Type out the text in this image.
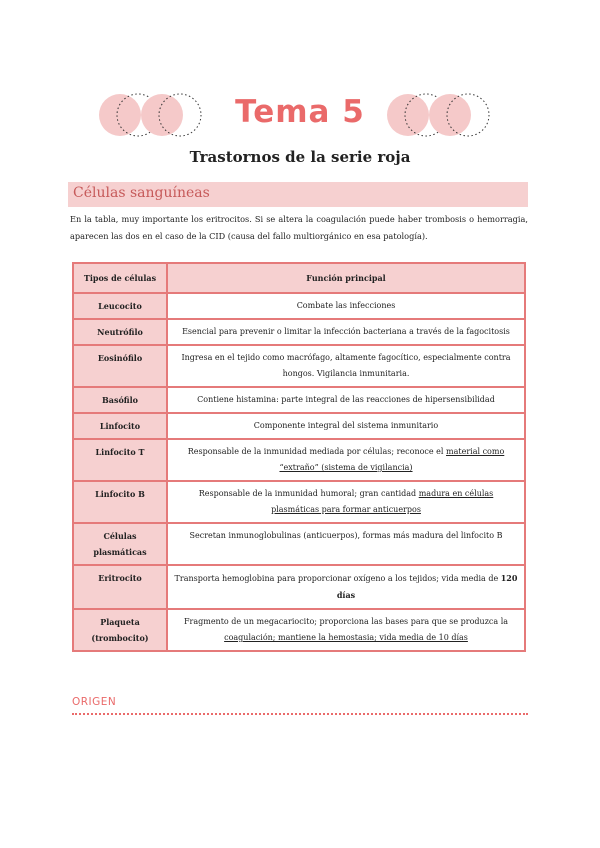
Tema 5
Trastornos de la serie roja
Células sanguíneas
En la tabla, muy importante los eritrocitos. Si se altera la coagulación puede haber trombosis o hemorragia, aparecen las dos en el caso de la CID (causa del fallo multiorgánico en esa patología).
Tipos de células	Función principal
Leucocito	Combate las infecciones
Neutrófilo	Esencial para prevenir o limitar la infección bacteriana a través de la fagocitosis
Eosinófilo	Ingresa en el tejido como macrófago, altamente fagocítico, especialmente contra hongos. Vigilancia inmunitaria.
Basófilo	Contiene histamina: parte integral de las reacciones de hipersensibilidad
Linfocito	Componente integral del sistema inmunitario
Linfocito T	Responsable de la inmunidad mediada por células; reconoce el material como “extraño” (sistema de vigilancia)
Linfocito B	Responsable de la inmunidad humoral; gran cantidad madura en células plasmáticas para formar anticuerpos
Células plasmáticas	Secretan inmunoglobulinas (anticuerpos), formas más madura del linfocito B
Eritrocito	Transporta hemoglobina para proporcionar oxígeno a los tejidos; vida media de 120 días
Plaqueta (trombocito)	Fragmento de un megacariocito; proporciona las bases para que se produzca la coagulación; mantiene la hemostasia; vida media de 10 días
ORIGEN
